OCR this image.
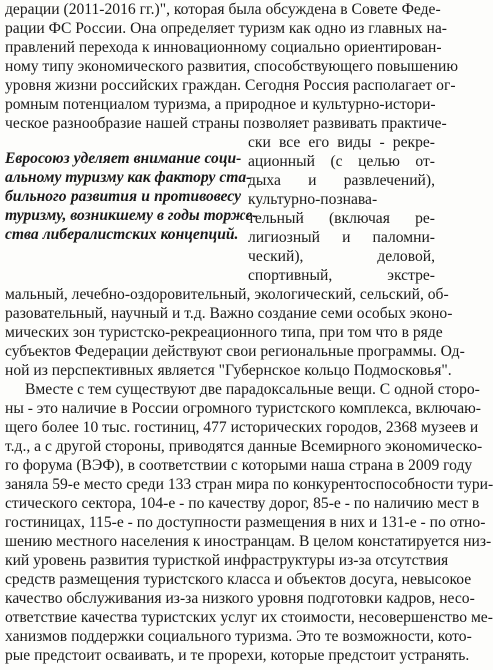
дерации (2011-2016 гг.)", которая была обсуждена в Совете Феде-
рации ФС России. Она определяет туризм как одно из главных на-
правлений перехода к инновационному социально ориентирован-
ному типу экономического развития, способствующего повышению
уровня жизни российских граждан. Сегодня Россия располагает ог-
ромным потенциалом туризма, а природное и культурно-истори-
ческое разнообразие нашей страны позволяет развивать практиче-
Евросоюз уделяет внимание соци-
альному туризму как фактору ста-
бильного развития и противовесу
туризму, возникшему в годы торже-
ства либералистских концепций.
ски все его виды - рекре-
ационный (с целью от-
дыха и развлечений),
культурно-познава-
тельный (включая ре-
лигиозный и паломни-
ческий), деловой,
спортивный, экстре-
мальный, лечебно-оздоровительный, экологический, сельский, об-
разовательный, научный и т.д. Важно создание семи особых эконо-
мических зон туристско-рекреационного типа, при том что в ряде
субъектов Федерации действуют свои региональные программы. Од-
ной из перспективных является "Губернское кольцо Подмосковья".
Вместе с тем существуют две парадоксальные вещи. С одной сторо-
ны - это наличие в России огромного туристского комплекса, включаю-
щего более 10 тыс. гостиниц, 477 исторических городов, 2368 музеев и
т.д., а с другой стороны, приводятся данные Всемирного экономическо-
го форума (ВЭФ), в соответствии с которыми наша страна в 2009 году
заняла 59-е место среди 133 стран мира по конкурентоспособности тури-
стического сектора, 104-е - по качеству дорог, 85-е - по наличию мест в
гостиницах, 115-е - по доступности размещения в них и 131-е - по отно-
шению местного населения к иностранцам. В целом констатируется низ-
кий уровень развития туристкой инфраструктуры из-за отсутствия
средств размещения туристского класса и объектов досуга, невысокое
качество обслуживания из-за низкого уровня подготовки кадров, несо-
ответствие качества туристских услуг их стоимости, несовершенство ме-
ханизмов поддержки социального туризма. Это те возможности, кото-
рые предстоит осваивать, и те прорехи, которые предстоит устранять.
